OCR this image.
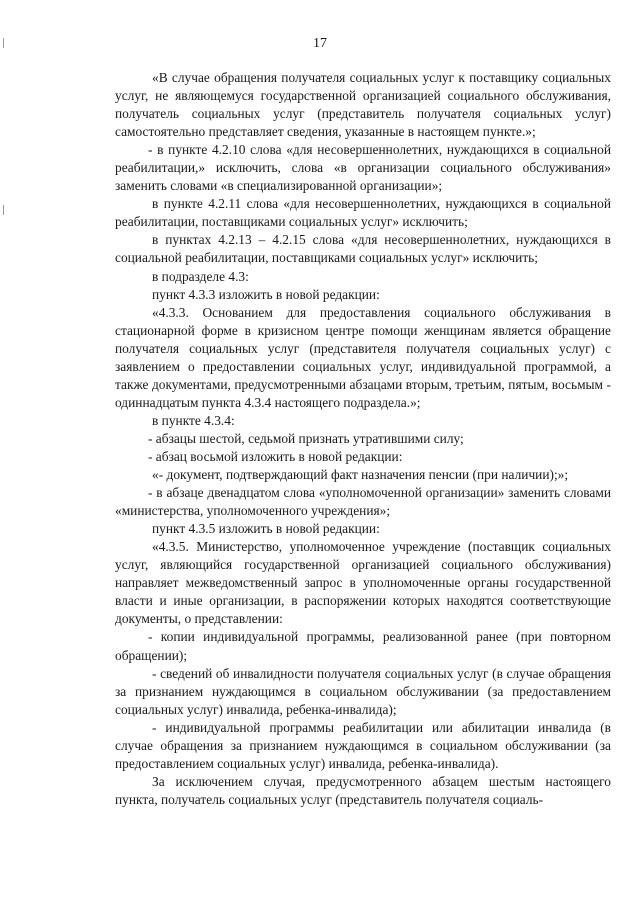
17

«В случае обращения получателя социальных услуг к поставщику социальных услуг, не являющемуся государственной организацией социального обслуживания, получатель социальных услуг (представитель получателя социальных услуг) самостоятельно представляет сведения, указанные в настоящем пункте.»;

- в пункте 4.2.10 слова «для несовершеннолетних, нуждающихся в социальной реабилитации,» исключить, слова «в организации социального обслуживания» заменить словами «в специализированной организации»;

в пункте 4.2.11 слова «для несовершеннолетних, нуждающихся в социальной реабилитации, поставщиками социальных услуг» исключить;

в пунктах 4.2.13 – 4.2.15 слова «для несовершеннолетних, нуждающихся в социальной реабилитации, поставщиками социальных услуг» исключить;

в подразделе 4.3:

пункт 4.3.3 изложить в новой редакции:

«4.3.3. Основанием для предоставления социального обслуживания в стационарной форме в кризисном центре помощи женщинам является обращение получателя социальных услуг (представителя получателя социальных услуг) с заявлением о предоставлении социальных услуг, индивидуальной программой, а также документами, предусмотренными абзацами вторым, третьим, пятым, восьмым - одиннадцатым пункта 4.3.4 настоящего подраздела.»;

в пункте 4.3.4:

- абзацы шестой, седьмой признать утратившими силу;

- абзац восьмой изложить в новой редакции:

«- документ, подтверждающий факт назначения пенсии (при наличии);»;

- в абзаце двенадцатом слова «уполномоченной организации» заменить словами «министерства, уполномоченного учреждения»;

пункт 4.3.5 изложить в новой редакции:

«4.3.5. Министерство, уполномоченное учреждение (поставщик социальных услуг, являющийся государственной организацией социального обслуживания) направляет межведомственный запрос в уполномоченные органы государственной власти и иные организации, в распоряжении которых находятся соответствующие документы, о представлении:

- копии индивидуальной программы, реализованной ранее (при повторном обращении);

- сведений об инвалидности получателя социальных услуг (в случае обращения за признанием нуждающимся в социальном обслуживании (за предоставлением социальных услуг) инвалида, ребенка-инвалида);

- индивидуальной программы реабилитации или абилитации инвалида (в случае обращения за признанием нуждающимся в социальном обслуживании (за предоставлением социальных услуг) инвалида, ребенка-инвалида).

За исключением случая, предусмотренного абзацем шестым настоящего пункта, получатель социальных услуг (представитель получателя социаль-
